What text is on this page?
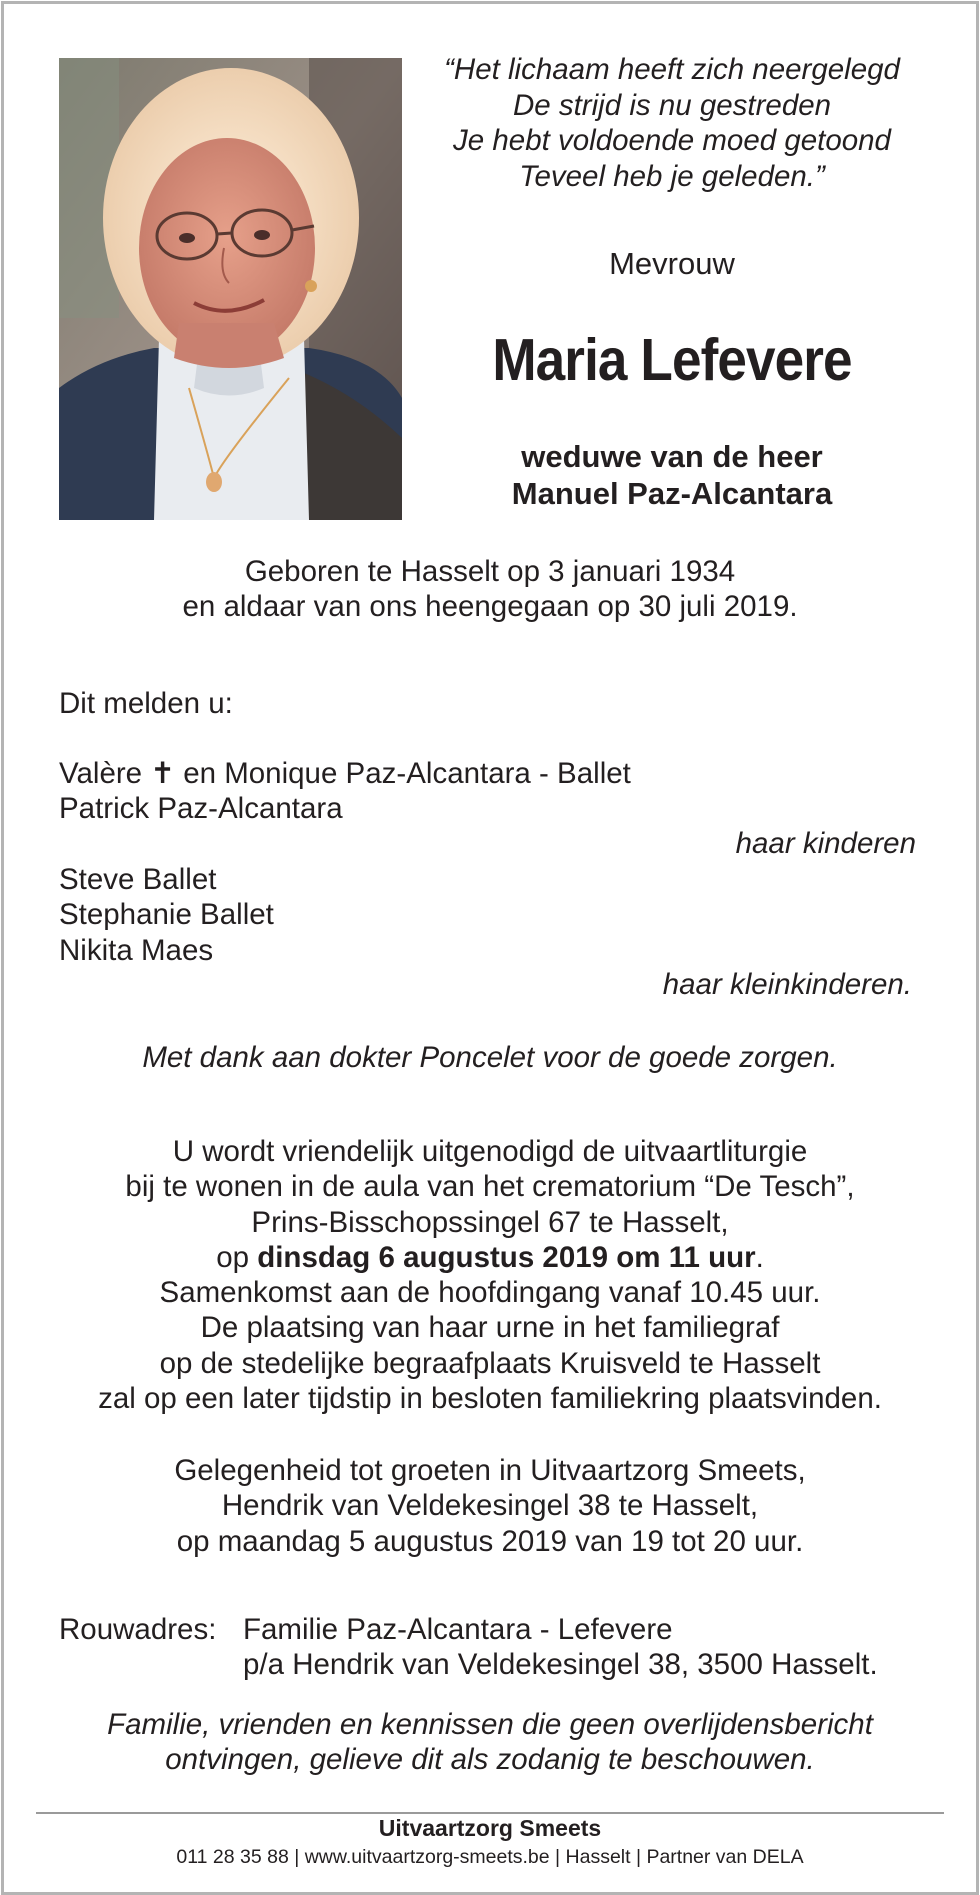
“Het lichaam heeft zich neergelegd
De strijd is nu gestreden
Je hebt voldoende moed getoond
Teveel heb je geleden.”
Mevrouw
Maria Lefevere
weduwe van de heer
Manuel Paz-Alcantara
Geboren te Hasselt op 3 januari 1934
en aldaar van ons heengegaan op 30 juli 2019.
Dit melden u:
Valère ✝ en Monique Paz-Alcantara - Ballet
Patrick Paz-Alcantara
haar kinderen
Steve Ballet
Stephanie Ballet
Nikita Maes
haar kleinkinderen.
Met dank aan dokter Poncelet voor de goede zorgen.
U wordt vriendelijk uitgenodigd de uitvaartliturgie
bij te wonen in de aula van het crematorium “De Tesch”,
Prins-Bisschopssingel 67 te Hasselt,
op dinsdag 6 augustus 2019 om 11 uur.
Samenkomst aan de hoofdingang vanaf 10.45 uur.
De plaatsing van haar urne in het familiegraf
op de stedelijke begraafplaats Kruisveld te Hasselt
zal op een later tijdstip in besloten familiekring plaatsvinden.
Gelegenheid tot groeten in Uitvaartzorg Smeets,
Hendrik van Veldekesingel 38 te Hasselt,
op maandag 5 augustus 2019 van 19 tot 20 uur.
Rouwadres: Familie Paz-Alcantara - Lefevere
p/a Hendrik van Veldekesingel 38, 3500 Hasselt.
Familie, vrienden en kennissen die geen overlijdensbericht
ontvingen, gelieve dit als zodanig te beschouwen.
Uitvaartzorg Smeets
011 28 35 88 | www.uitvaartzorg-smeets.be | Hasselt | Partner van DELA
